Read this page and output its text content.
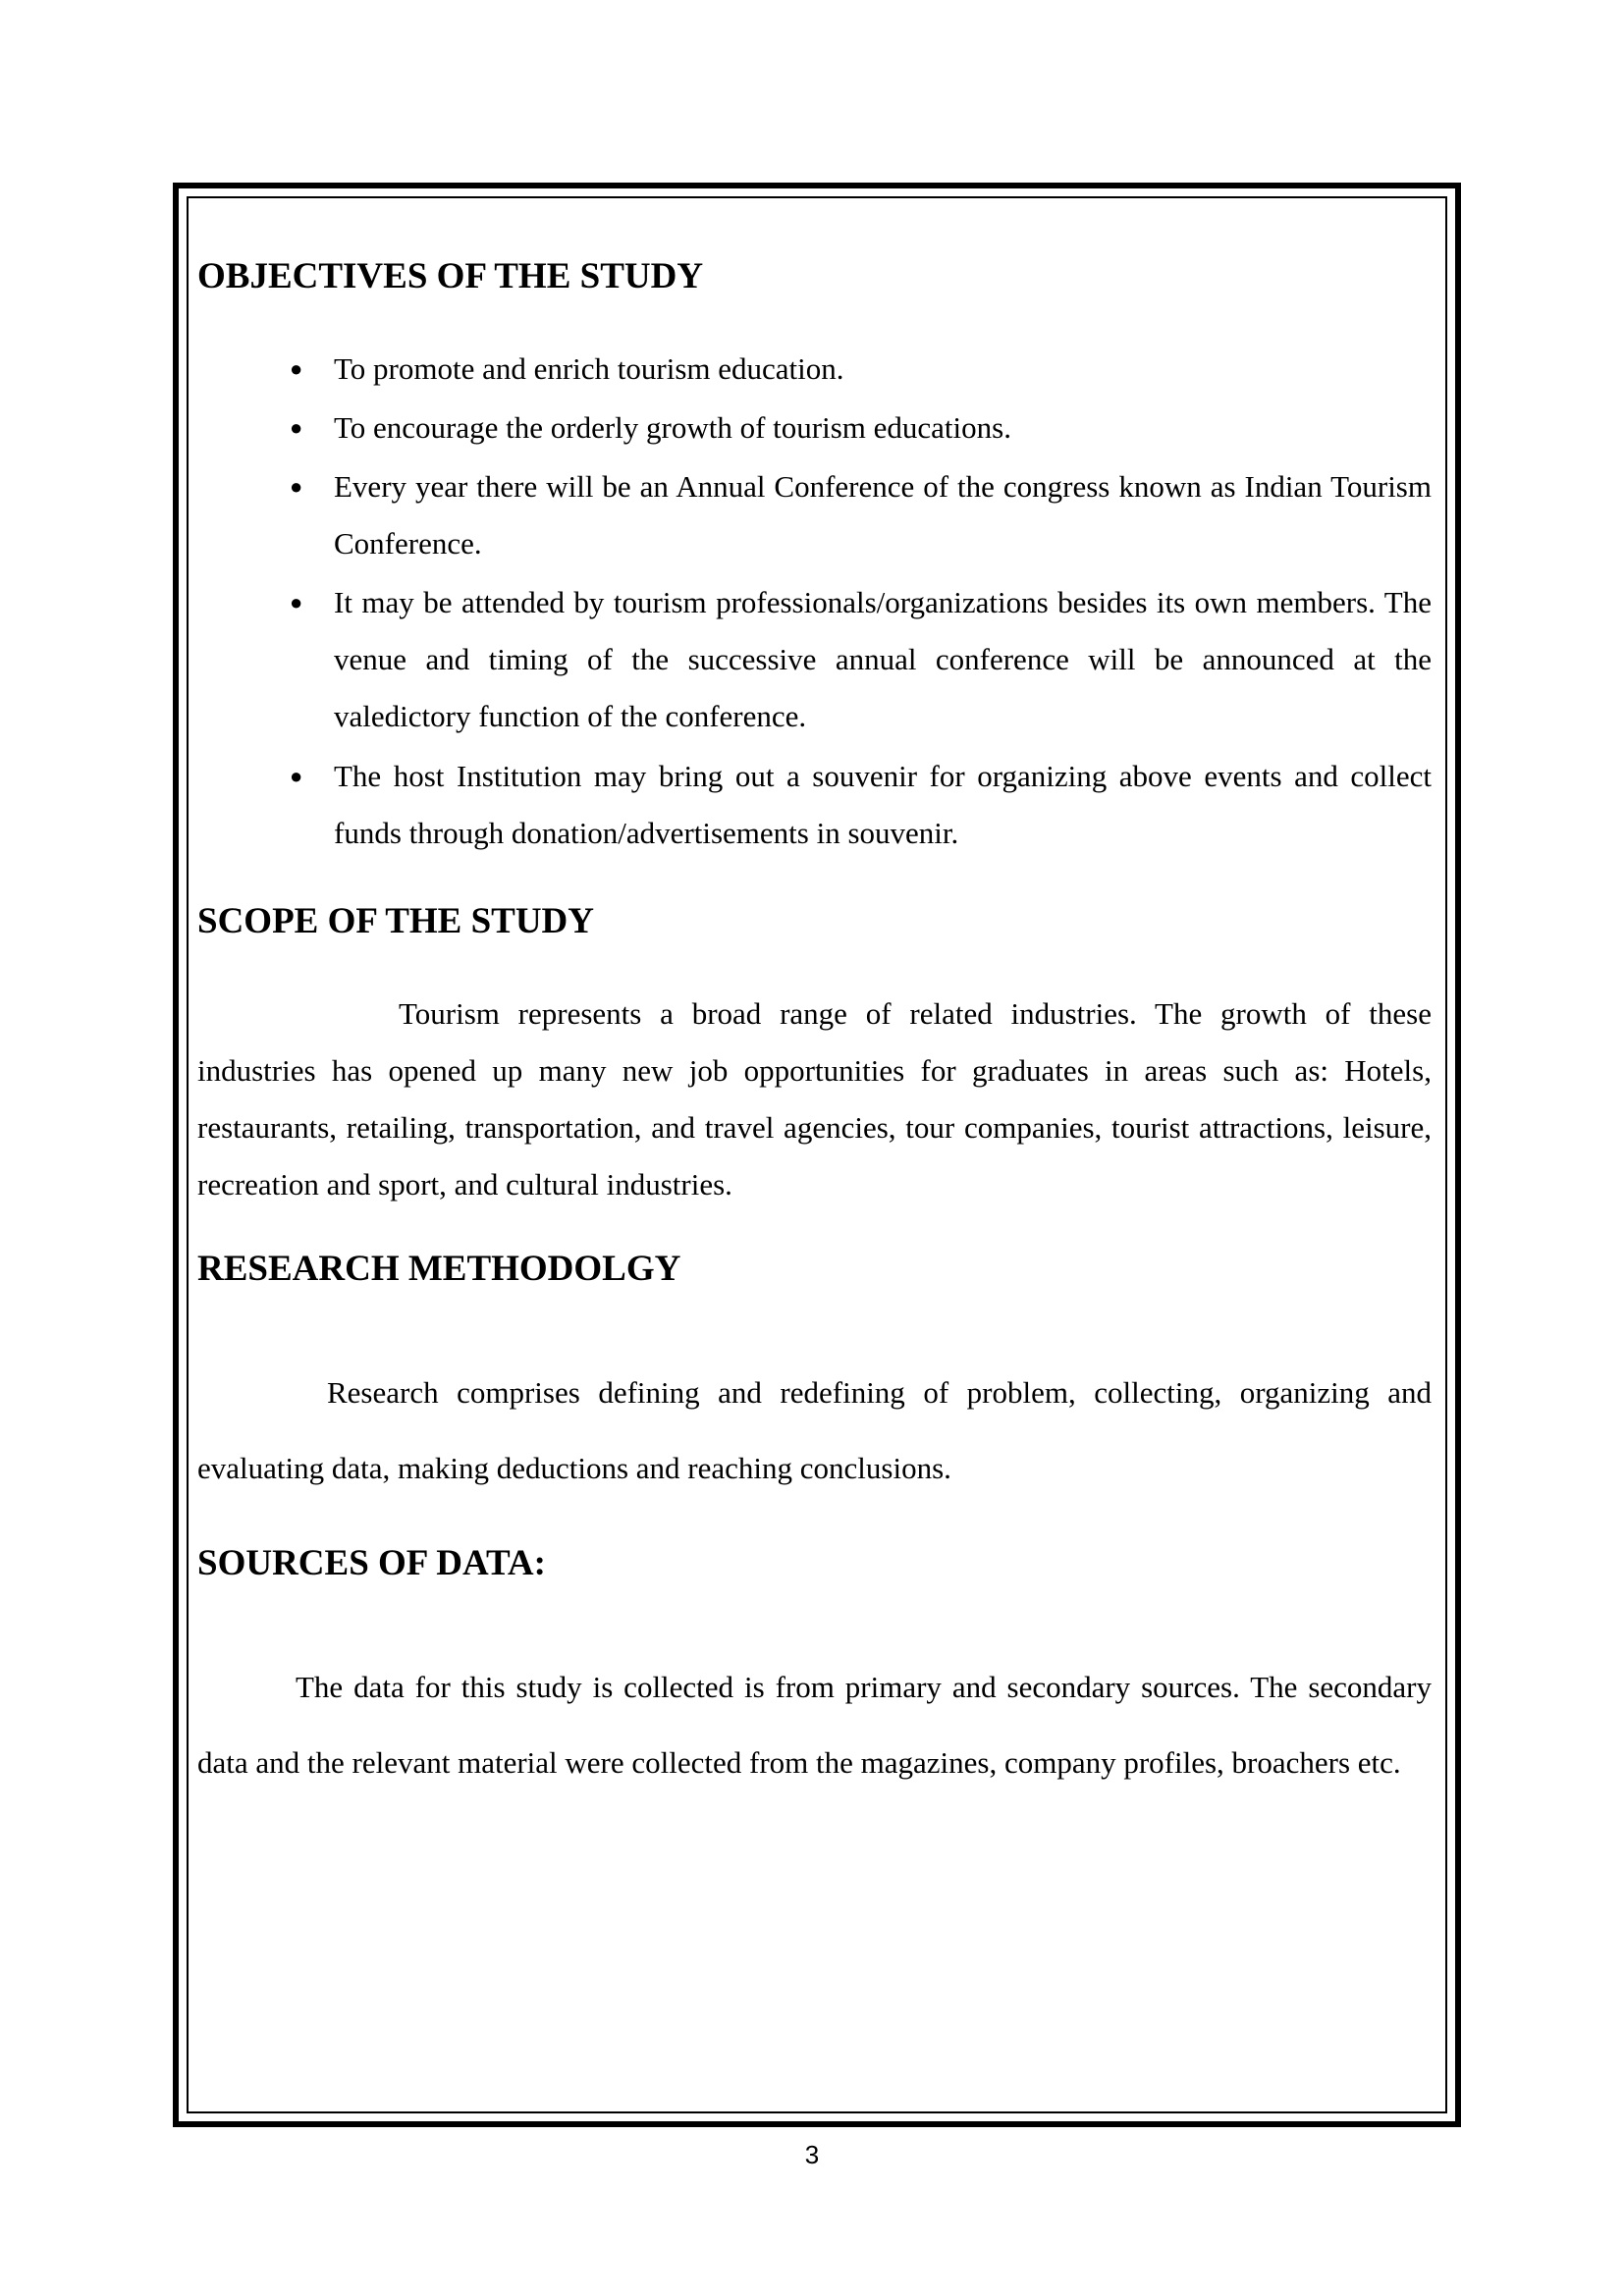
OBJECTIVES OF THE STUDY
● To promote and enrich tourism education.
● To encourage the orderly growth of tourism educations.
● Every year there will be an Annual Conference of the congress known as Indian Tourism Conference.
● It may be attended by tourism professionals/organizations besides its own members. The venue and timing of the successive annual conference will be announced at the valedictory function of the conference.
● The host Institution may bring out a souvenir for organizing above events and collect funds through donation/advertisements in souvenir.
SCOPE OF THE STUDY

Tourism represents a broad range of related industries. The growth of these industries has opened up many new job opportunities for graduates in areas such as: Hotels, restaurants, retailing, transportation, and travel agencies, tour companies, tourist attractions, leisure, recreation and sport, and cultural industries.

RESEARCH METHODOLGY

Research comprises defining and redefining of problem, collecting, organizing and evaluating data, making deductions and reaching conclusions.

SOURCES OF DATA:

The data for this study is collected is from primary and secondary sources. The secondary data and the relevant material were collected from the magazines, company profiles, broachers etc.

3
